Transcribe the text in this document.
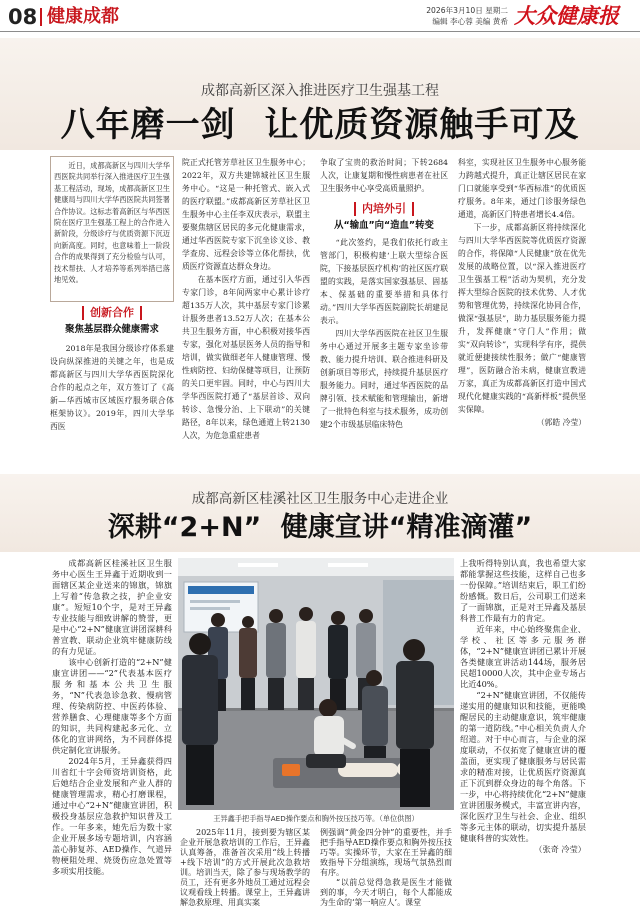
08 健康成都	2026年3月10日 星期二
编辑 李心蓉 美编 黄希 大众健康报
成都高新区深入推进医疗卫生强基工程
八年磨一剑 让优质资源触手可及

近日，成都高新区与四川大学华西医院共同举行深入推进医疗卫生强基工程活动，现场，成都高新区卫生健康局与四川大学华西医院共同签署合作协议。这标志着高新区与华西医院在医疗卫生强基工程上的合作进入新阶段，分级诊疗与优质资源下沉迈向新高度。同时，也意味着上一阶段合作的成果得到了充分检验与认可，技术帮扶、人才培养等系列举措已落地见效。

创新合作
聚焦基层群众健康需求

2018年是我国分级诊疗体系建设向纵深推进的关键之年，也是成都高新区与四川大学华西医院深化合作的起点之年，双方签订了《高新—华西城市区域医疗服务联合体框架协议》。2019年，四川大学华西医

院正式托管芳草社区卫生服务中心；2022年，双方共建锦城社区卫生服务中心。“这是一种托管式、嵌入式的医疗联盟。”成都高新区芳草社区卫生服务中心主任李双庆表示，联盟主要聚焦辖区居民的多元化健康需求，通过华西医院专家下沉坐诊义诊、教学查房、远程会诊等立体化帮扶，优质医疗资源直达群众身边。

在基本医疗方面，通过引入华西专家门诊，8年间两家中心累计诊疗超135万人次，其中基层专家门诊累计服务患者13.52万人次；在基本公共卫生服务方面，中心积极对接华西专家，强化对基层医务人员的指导和培训，做实做细老年人健康管理、慢性病防控、妇幼保健等项目，让预防的关口更牢固。同时，中心与四川大学华西医院打通了“基层首诊、双向转诊、急慢分治、上下联动”的关键路径，8年以来，绿色通道上转2130人次，为危急重症患者

争取了宝贵的救治时间；下转2684人次，让康复期和慢性病患者在社区卫生服务中心享受高质量照护。

内培外引
从“输血”向“造血”转变

“此次签约，是我们依托行政主管部门，积极构建‘上联大型综合医院，下接基层医疗机构’的社区医疗联盟的实践，是落实国家强基层、固基本、保基础的重要举措和具体行动。”四川大学华西医院副院长胡建昆表示。

四川大学华西医院在社区卫生服务中心通过开展多主题专家坐诊带教、能力提升培训、联合推进科研及创新项目等形式，持续提升基层医疗服务能力。同时，通过华西医院的品牌引领、技术赋能和管理输出，新增了一批特色科室与技术服务，成功创建2个市级基层临床特色

科室，实现社区卫生服务中心服务能力跨越式提升，真正让辖区居民在家门口就能享受到“华西标准”的优质医疗服务。8年来，通过门诊服务绿色通道，高新区门特患者增长4.4倍。

下一步，成都高新区将持续深化与四川大学华西医院等优质医疗资源的合作，将保障“人民健康”放在优先发展的战略位置，以“深入推进医疗卫生强基工程”活动为契机，充分发挥大型综合医院的技术优势、人才优势和管理优势，持续深化协同合作，做深“强基层”，助力基层服务能力提升，发挥健康“守门人”作用；做实“双向转诊”，实现科学有序，提供就近便捷接续性服务；做广“健康管理”，医防融合治未病，健康宣教进万家，真正为成都高新区打造中国式现代化健康实践的“高新样板”提供坚实保障。

（郭皓 冷莹）

成都高新区桂溪社区卫生服务中心走进企业
深耕“2+N” 健康宣讲“精准滴灌”

成都高新区桂溪社区卫生服务中心医生王异鑫于近期收到一面辖区某企业送来的锦旗，锦旗上写着“传急救之技，护企业安康”。短短10个字，是对王异鑫专业技能与细致讲解的赞誉，更是中心“2+N”健康宣讲团深耕科普宣教、联动企业筑牢健康防线的有力见证。

该中心创新打造的“2+N”健康宣讲团——“2”代表基本医疗服务和基本公共卫生服务，“N”代表急诊急救、慢病管理、传染病防控、中医药体验、营养膳食、心理健康等多个方面的知识，共同构建起多元化、立体化的宣讲网络，为不同群体提供定制化宣讲服务。

2024年5月，王异鑫获得四川省红十字会师资培训资格，此后她结合企业发展和产业人群的健康管理需求，精心打磨课程，通过中心“2+N”健康宣讲团，积极投身基层应急救护知识普及工作。一年多来，她先后为数十家企业开展多场专题培训，内容涵盖心肺复苏、AED操作、气道异物梗阻处理、烧烫伤应急处置等多项实用技能。

王异鑫手把手指导AED操作要点和胸外按压技巧等。（单位供图）

2025年11月，接到要为辖区某企业开展急救培训的工作后，王异鑫认真筹备，准备首次采用“线上转播+线下培训”的方式开展此次急救培训。培训当天，除了参与现场教学的员工，还有更多外地员工通过远程会议观看线上转播。课堂上，王异鑫讲解急救原理、用真实案

例强调“黄金四分钟”的重要性，并手把手指导AED操作要点和胸外按压技巧等。实操环节，大家在王异鑫的细致指导下分组演练，现场气氛热烈而有序。

“以前总觉得急救是医生才能做到的事，今天才明白，每个人都能成为生命的‘第一响应人’。课堂

上我听得特别认真，我也希望大家都能掌握这些技能，这样自己也多一份保障。”培训结束后，职工们纷纷感慨。数日后，公司职工们送来了一面锦旗，正是对王异鑫及基层科普工作最有力的肯定。

近年来，中心始终聚焦企业、学校、社区等多元服务群体，“2+N”健康宣讲团已累计开展各类健康宣讲活动144场，服务居民超10000人次，其中企业专场占比近40%。

“2+N”健康宣讲团，不仅能传递实用的健康知识和技能，更能唤醒居民的主动健康意识，筑牢健康的第一道防线。”中心相关负责人介绍道。对于中心而言，与企业的深度联动，不仅拓宽了健康宣讲的覆盖面，更实现了健康服务与居民需求的精准对接，让优质医疗资源真正下沉到群众身边的每个角落。下一步，中心将持续优化“2+N”健康宣讲团服务模式，丰富宣讲内容，深化医疗卫生与社会、企业、组织等多元主体的联动，切实提升基层健康科普的实效性。

（张奇 冷莹）
